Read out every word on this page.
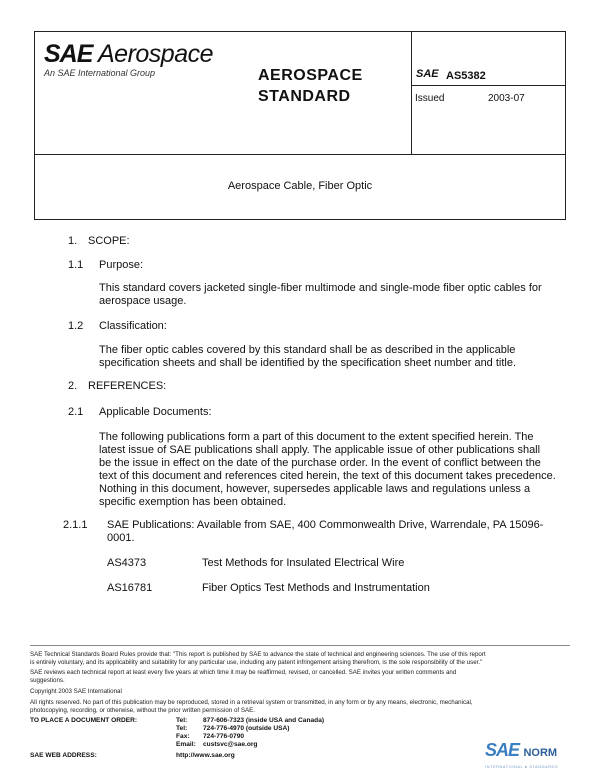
SAE Aerospace
An SAE International Group	AEROSPACE
STANDARD
SAE AS5382
Issued	2003-07
Aerospace Cable, Fiber Optic
1. SCOPE:
1.1 Purpose:
This standard covers jacketed single-fiber multimode and single-mode fiber optic cables for
aerospace usage.
1.2 Classification:
The fiber optic cables covered by this standard shall be as described in the applicable
specification sheets and shall be identified by the specification sheet number and title.
2. REFERENCES:
2.1 Applicable Documents:
The following publications form a part of this document to the extent specified herein. The
latest issue of SAE publications shall apply. The applicable issue of other publications shall
be the issue in effect on the date of the purchase order. In the event of conflict between the
text of this document and references cited herein, the text of this document takes precedence.
Nothing in this document, however, supersedes applicable laws and regulations unless a
specific exemption has been obtained.
2.1.1 SAE Publications: Available from SAE, 400 Commonwealth Drive, Warrendale, PA 15096-
0001.
AS4373	Test Methods for Insulated Electrical Wire
AS16781	Fiber Optics Test Methods and Instrumentation
SAE Technical Standards Board Rules provide that: "This report is published by SAE to advance the state of technical and engineering sciences. The use of this report
is entirely voluntary, and its applicability and suitability for any particular use, including any patent infringement arising therefrom, is the sole responsibility of the user."
SAE reviews each technical report at least every five years at which time it may be reaffirmed, revised, or cancelled. SAE invites your written comments and
suggestions.
Copyright 2003 SAE International
All rights reserved. No part of this publication may be reproduced, stored in a retrieval system or transmitted, in any form or by any means, electronic, mechanical,
photocopying, recording, or otherwise, without the prior written permission of SAE.
TO PLACE A DOCUMENT ORDER:	Tel: 877-606-7323 (inside USA and Canada)
Tel: 724-776-4970 (outside USA)
Fax: 724-776-0790
Email: custsvc@sae.org
SAE WEB ADDRESS:	http://www.sae.org	SAE NORM
INTERNATIONAL ● STANDARDS
